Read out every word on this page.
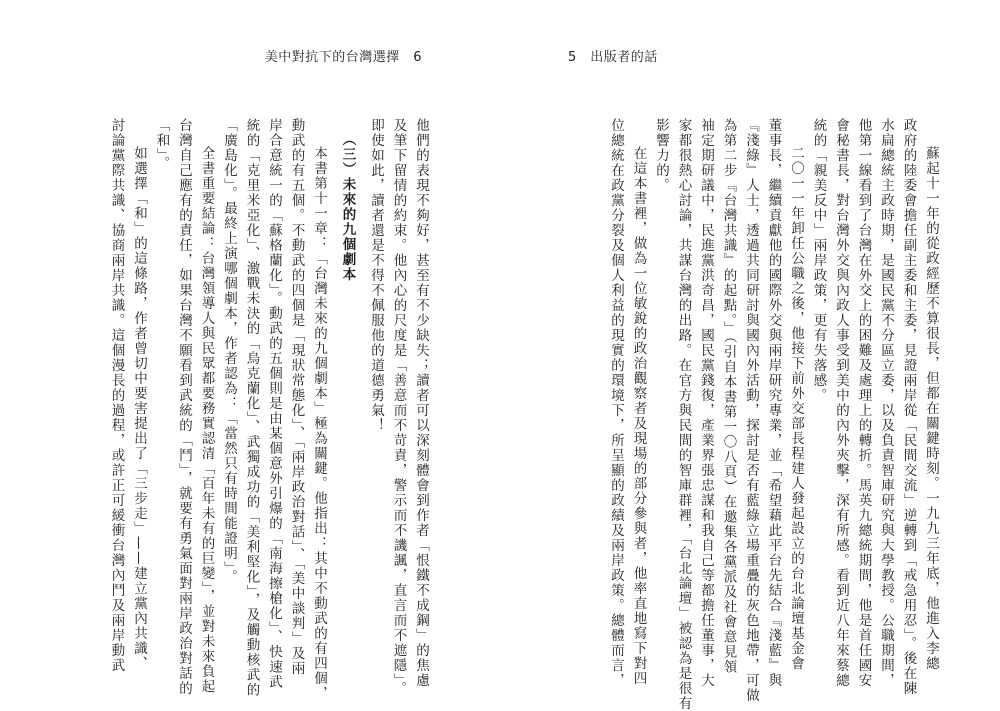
美中對抗下的台灣選擇　6
他們的表現不夠好，甚至有不少缺失；讀者可以深刻體會到作者「恨鐵不成鋼」的焦慮
及筆下留情的約束。他內心的尺度是「善意而不苛責，警示而不譏諷，直言而不遮隱」。
即使如此，讀者還是不得不佩服他的道德勇氣！
（三）未來的九個劇本
本書第十一章：「台灣未來的九個劇本」極為關鍵。他指出：其中不動武的有四個，
動武的有五個。不動武的四個是「現狀常態化」、「兩岸政治對話」、「美中談判」及兩
岸合意統一的「蘇格蘭化」。動武的五個則是由某個意外引爆的「南海擦槍化」、快速武
統的「克里米亞化」、激戰未決的「烏克蘭化」、武獨成功的「美利堅化」，及觸動核武的
「廣島化」。最終上演哪個劇本，作者認為：「當然只有時間能證明」。
全書重要結論：台灣領導人與民眾都要務實認清「百年未有的巨變」，並對未來負起
台灣自己應有的責任，如果台灣不願看到武統的「鬥」，就要有勇氣面對兩岸政治對話的
「和」。
如選擇「和」的這條路，作者曾切中要害提出了「三步走」——建立黨內共識、
討論黨際共識、協商兩岸共識。這個漫長的過程，或許正可緩衝台灣內鬥及兩岸動武
5　出版者的話
蘇起十一年的從政經歷不算很長，但都在關鍵時刻。一九九三年底，他進入李總
政府的陸委會擔任副主委和主委，見證兩岸從「民間交流」逆轉到「戒急用忍」。後在陳
水扁總統主政時期，是國民黨不分區立委，以及負責智庫研究與大學教授。公職期間，
他第一線看到了台灣在外交上的困難及處理上的轉折。馬英九總統期間，他是首任國安
會秘書長，對台灣外交與內政人事受到美中的內外夾擊，深有所感。看到近八年來蔡總
統的「親美反中」兩岸政策，更有失落感。
二〇一一年卸任公職之後，他接下前外交部長程建人發起設立的台北論壇基金會
董事長，繼續貢獻他的國際外交與兩岸研究專業，並「希望藉此平台先結合『淺藍』與
『淺綠』人士，透過共同研討與國內外活動，探討是否有藍綠立場重疊的灰色地帶，可做
為第二步『台灣共識』的起點。」（引自本書第一〇八頁）在邀集各黨派及社會意見領
袖定期研議中，民進黨洪奇昌，國民黨錢復，產業界張忠謀和我自己等都擔任董事，大
家都很熱心討論，共謀台灣的出路。在官方與民間的智庫群裡，「台北論壇」被認為是很有
影響力的。
在這本書裡，做為一位敏銳的政治觀察者及現場的部分參與者，他率直地寫下對四
位總統在政黨分裂及個人利益的現實的環境下，所呈顯的政績及兩岸政策。總體而言，
